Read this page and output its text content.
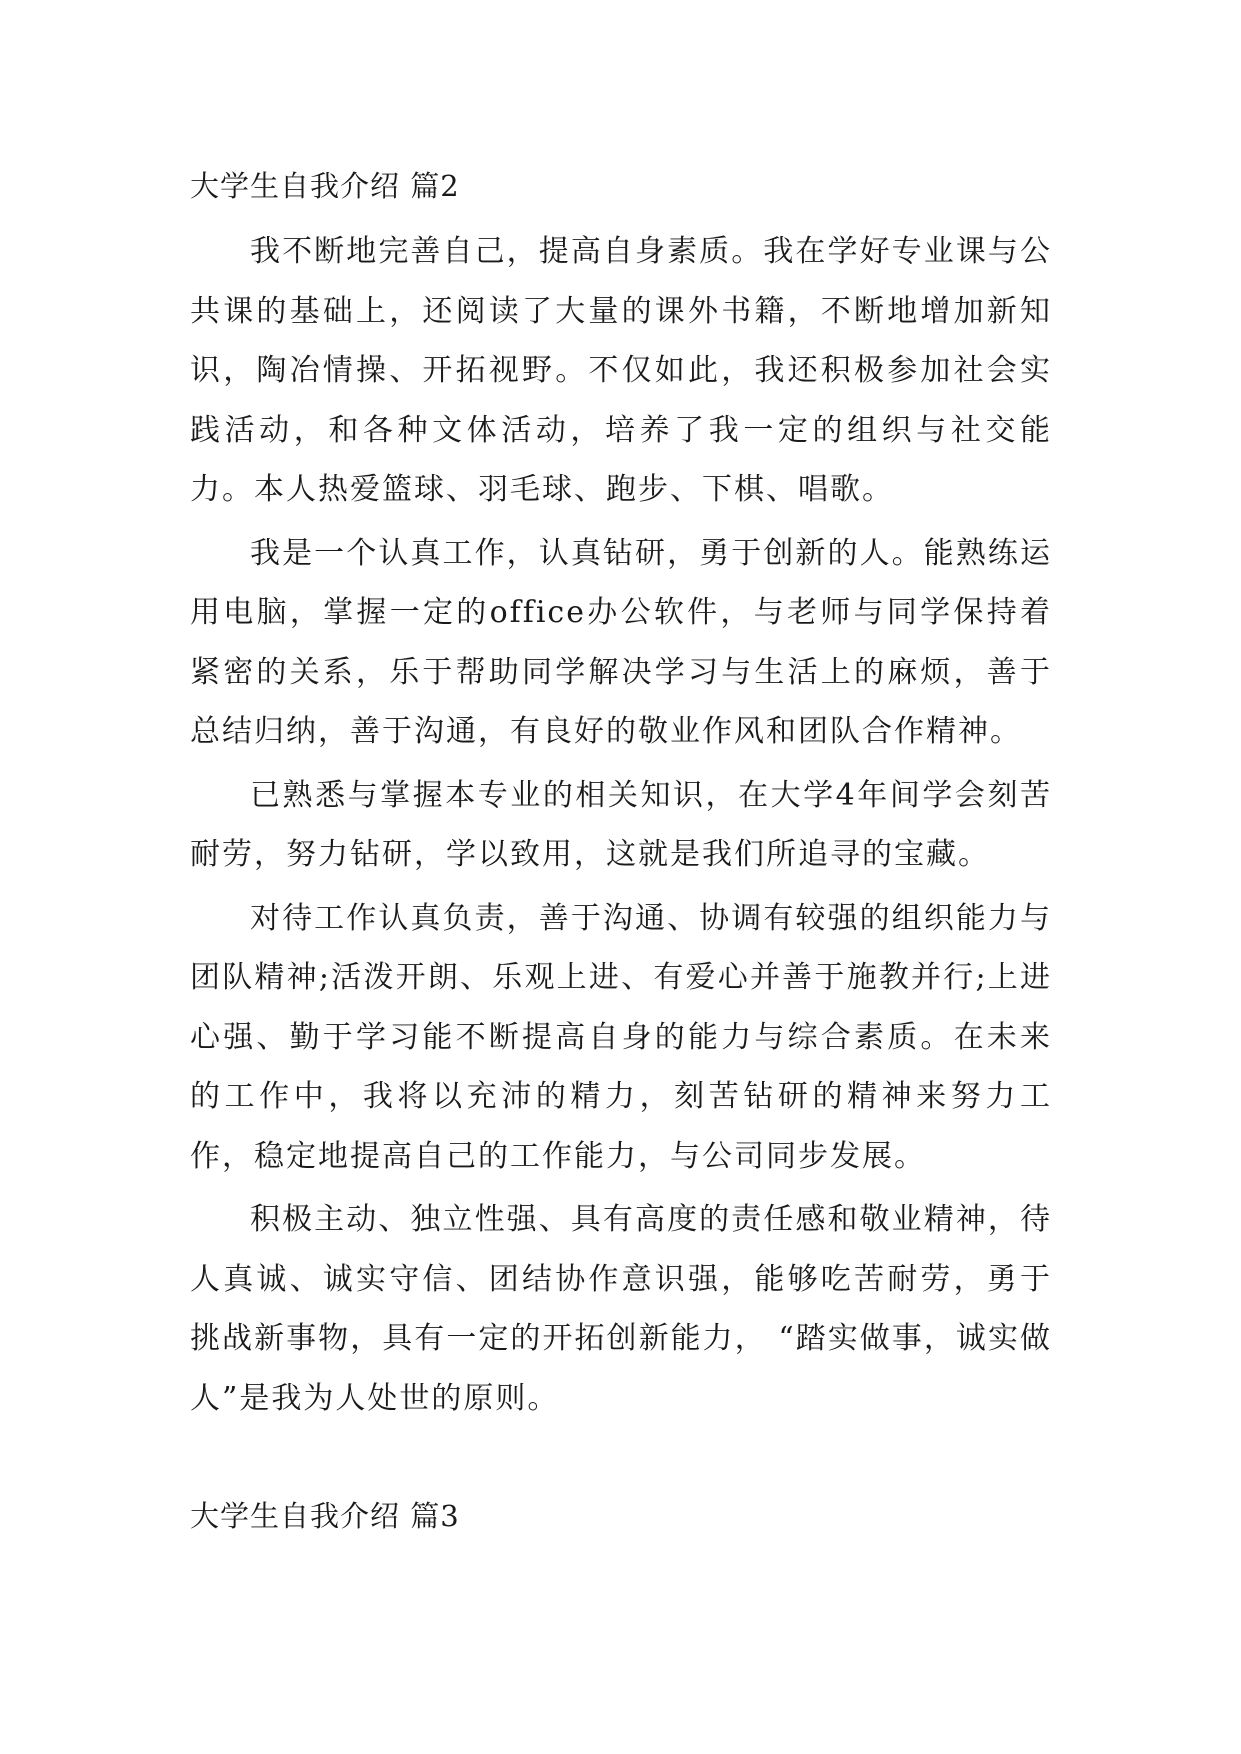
大学生自我介绍 篇2

我不断地完善自己，提高自身素质。我在学好专业课与公共课的基础上，还阅读了大量的课外书籍，不断地增加新知识，陶冶情操、开拓视野。不仅如此，我还积极参加社会实践活动，和各种文体活动，培养了我一定的组织与社交能力。本人热爱篮球、羽毛球、跑步、下棋、唱歌。

我是一个认真工作，认真钻研，勇于创新的人。能熟练运用电脑，掌握一定的office办公软件，与老师与同学保持着紧密的关系，乐于帮助同学解决学习与生活上的麻烦，善于总结归纳，善于沟通，有良好的敬业作风和团队合作精神。

已熟悉与掌握本专业的相关知识，在大学4年间学会刻苦耐劳，努力钻研，学以致用，这就是我们所追寻的宝藏。

对待工作认真负责，善于沟通、协调有较强的组织能力与团队精神;活泼开朗、乐观上进、有爱心并善于施教并行;上进心强、勤于学习能不断提高自身的能力与综合素质。在未来的工作中，我将以充沛的精力，刻苦钻研的精神来努力工作，稳定地提高自己的工作能力，与公司同步发展。

积极主动、独立性强、具有高度的责任感和敬业精神，待人真诚、诚实守信、团结协作意识强，能够吃苦耐劳，勇于挑战新事物，具有一定的开拓创新能力， “踏实做事，诚实做人”是我为人处世的原则。

大学生自我介绍 篇3
